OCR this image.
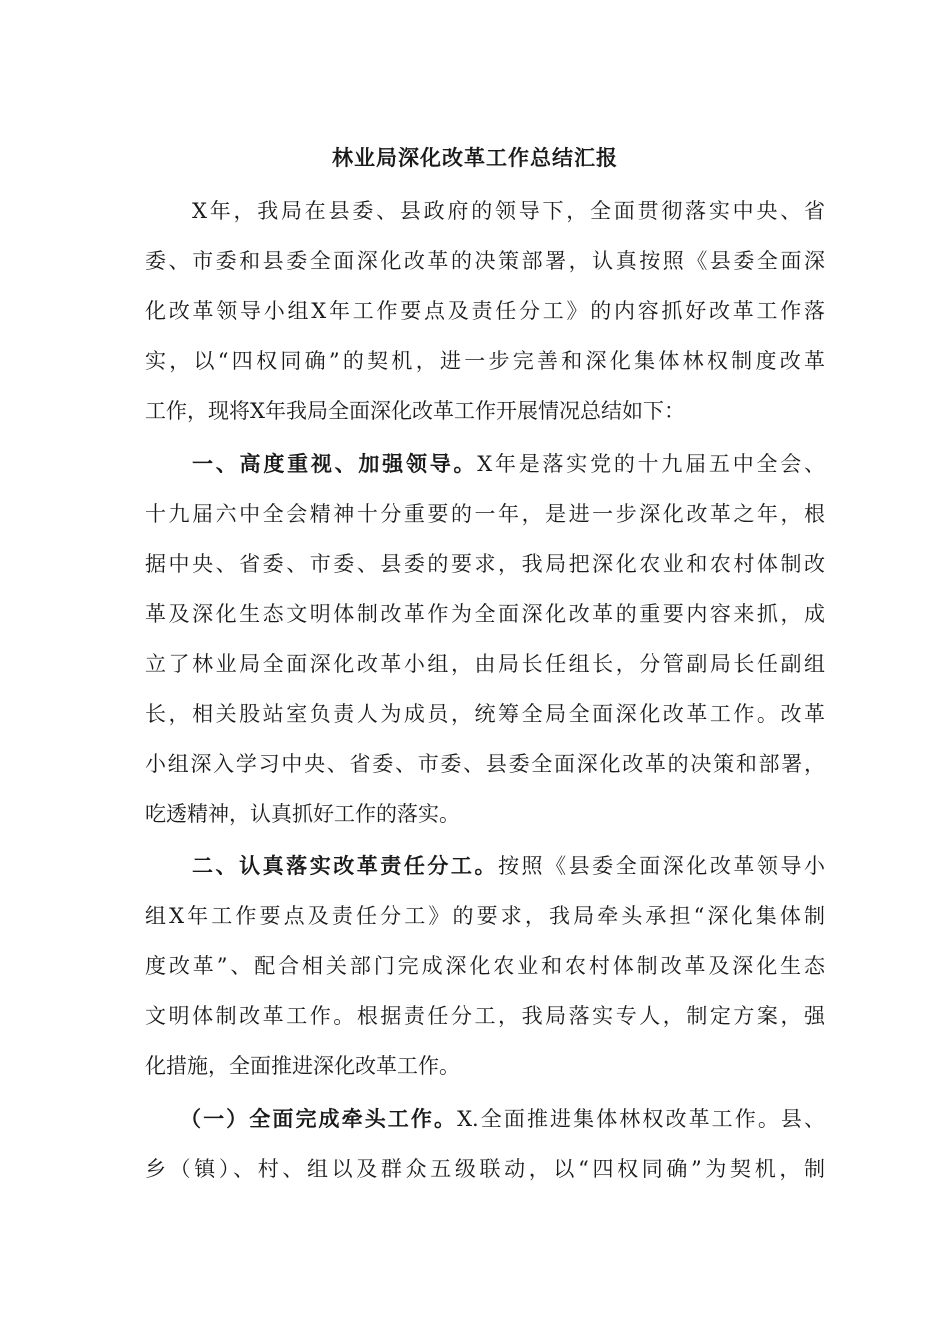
林业局深化改革工作总结汇报
X年，我局在县委、县政府的领导下，全面贯彻落实中央、省
委、市委和县委全面深化改革的决策部署，认真按照《县委全面深
化改革领导小组X年工作要点及责任分工》的内容抓好改革工作落
实，以“四权同确”的契机，进一步完善和深化集体林权制度改革
工作，现将X年我局全面深化改革工作开展情况总结如下：
一、高度重视、加强领导。X年是落实党的十九届五中全会、
十九届六中全会精神十分重要的一年，是进一步深化改革之年，根
据中央、省委、市委、县委的要求，我局把深化农业和农村体制改
革及深化生态文明体制改革作为全面深化改革的重要内容来抓，成
立了林业局全面深化改革小组，由局长任组长，分管副局长任副组
长，相关股站室负责人为成员，统筹全局全面深化改革工作。改革
小组深入学习中央、省委、市委、县委全面深化改革的决策和部署，
吃透精神，认真抓好工作的落实。
二、认真落实改革责任分工。按照《县委全面深化改革领导小
组X年工作要点及责任分工》的要求，我局牵头承担“深化集体制
度改革”、配合相关部门完成深化农业和农村体制改革及深化生态
文明体制改革工作。根据责任分工，我局落实专人，制定方案，强
化措施，全面推进深化改革工作。
（一）全面完成牵头工作。X.全面推进集体林权改革工作。县、
乡（镇）、村、组以及群众五级联动，以“四权同确”为契机，制
